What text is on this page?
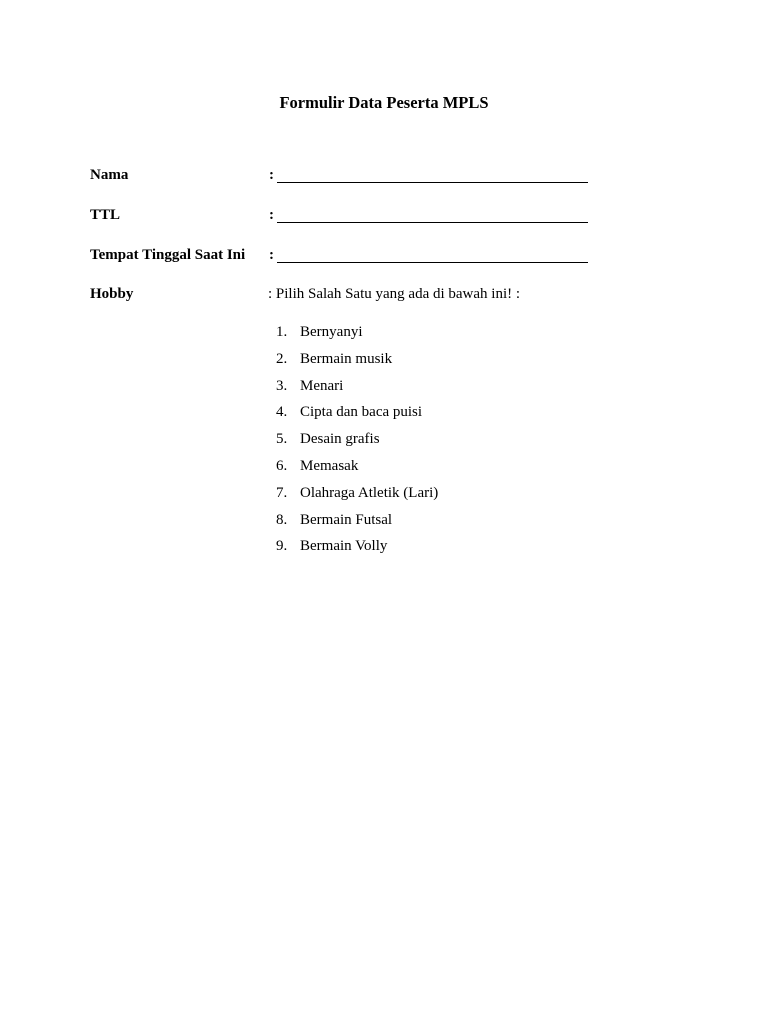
Formulir Data Peserta MPLS
Nama	:
TTL	:
Tempat Tinggal Saat Ini :
Hobby	: Pilih Salah Satu yang ada di bawah ini! :
1. Bernyanyi
2. Bermain musik
3. Menari
4. Cipta dan baca puisi
5. Desain grafis
6. Memasak
7. Olahraga Atletik (Lari)
8. Bermain Futsal
9. Bermain Volly
